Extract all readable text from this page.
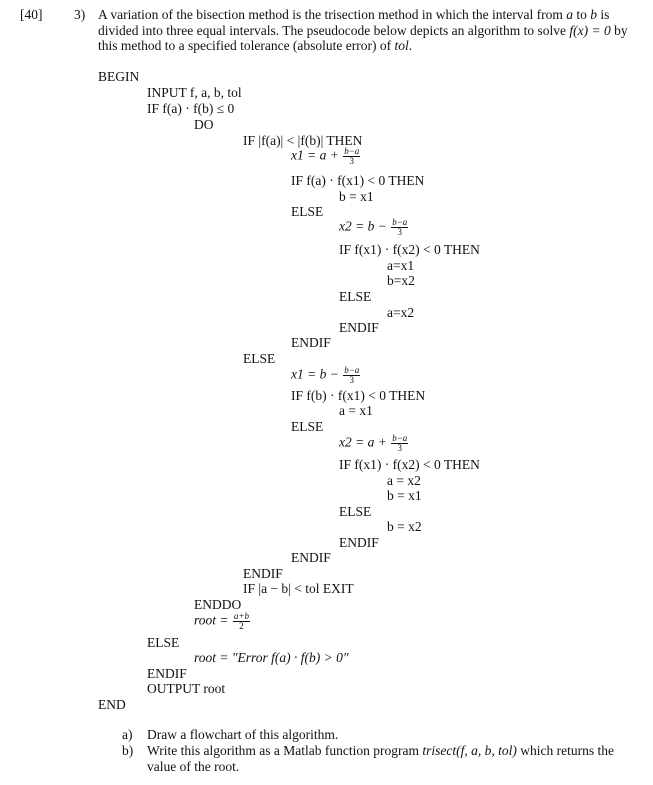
[40] 3) A variation of the bisection method is the trisection method in which the interval from a to b is divided into three equal intervals. The pseudocode below depicts an algorithm to solve f(x) = 0 by this method to a specified tolerance (absolute error) of tol.
BEGIN
INPUT f, a, b, tol
IF f(a) · f(b) ≤ 0
DO
IF |f(a)| < |f(b)| THEN
$x1 = a + \frac{b-a}{3}$
IF f(a) · f(x1) < 0 THEN
b = x1
ELSE
$x2 = b - \frac{b-a}{3}$
IF f(x1) · f(x2) < 0 THEN
a=x1
b=x2
ELSE
a=x2
ENDIF
ENDIF
ELSE
$x1 = b - \frac{b-a}{3}$
IF f(b) · f(x1) < 0 THEN
a = x1
ELSE
$x2 = a + \frac{b-a}{3}$
IF f(x1) · f(x2) < 0 THEN
a = x2
b = x1
ELSE
b = x2
ENDIF
ENDIF
ENDIF
IF |a − b| < tol EXIT
ENDDO
root = $\frac{a+b}{2}$
ELSE
root = "Error f(a) · f(b) > 0"
ENDIF
OUTPUT root
END
a) Draw a flowchart of this algorithm.
b)	Write this algorithm as a Matlab function program trisect(f, a, b, tol) which returns the value of the root.
